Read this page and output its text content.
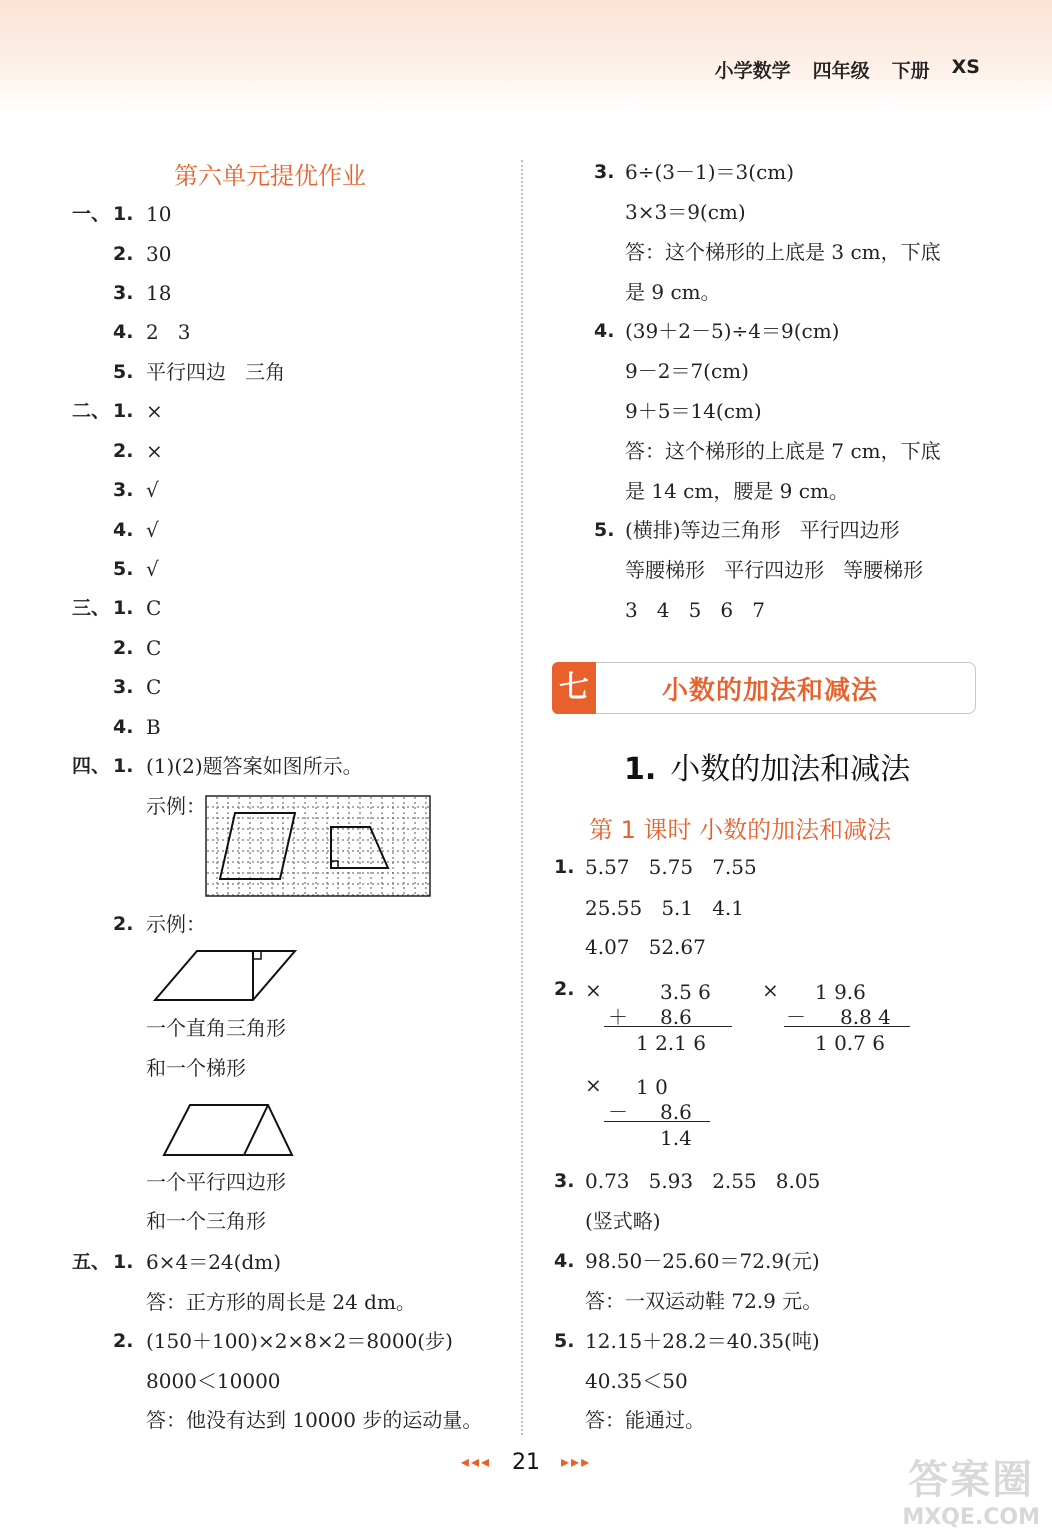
小学数学 四年级 下册 XS
第六单元提优作业
一、 1. 10
2. 30
3. 18
4. 2   3
5. 平行四边   三角
二、 1. ×
2. ×
3. √
4. √
5. √
三、 1. C
2. C
3. C
4. B
四、 1. (1)(2)题答案如图所示。
示例：
2. 示例：
一个直角三角形
和一个梯形
一个平行四边形
和一个三角形
五、 1. 6×4＝24(dm)
答：正方形的周长是 24 dm。
2. (150＋100)×2×8×2＝8000(步)
8000＜10000
答：他没有达到 10000 步的运动量。
3. 6÷(3－1)＝3(cm)
3×3＝9(cm)
答：这个梯形的上底是 3 cm，下底
是 9 cm。
4. (39＋2－5)÷4＝9(cm)
9－2＝7(cm)
9＋5＝14(cm)
答：这个梯形的上底是 7 cm，下底
是 14 cm，腰是 9 cm。
5. (横排)等边三角形   平行四边形
等腰梯形   平行四边形   等腰梯形
3   4   5   6   7
七	小数的加法和减法
1. 小数的加法和减法
第 1 课时 小数的加法和减法
1. 5.57   5.75   7.55
25.55   5.1   4.1
4.07   52.67
2. ×	3.5 6
＋ 8.6
1 2.1 6
× 1 9.6
－ 8.8 4
1 0.7 6
× 1 0
－ 8.6
1.4
3. 0.73   5.93   2.55   8.05
(竖式略)
4. 98.50－25.60＝72.9(元)
答：一双运动鞋 72.9 元。
5. 12.15＋28.2＝40.35(吨)
40.35＜50
答：能通过。
◂◂◂ 21 ▸▸▸	答案圈
MXQE.COM
